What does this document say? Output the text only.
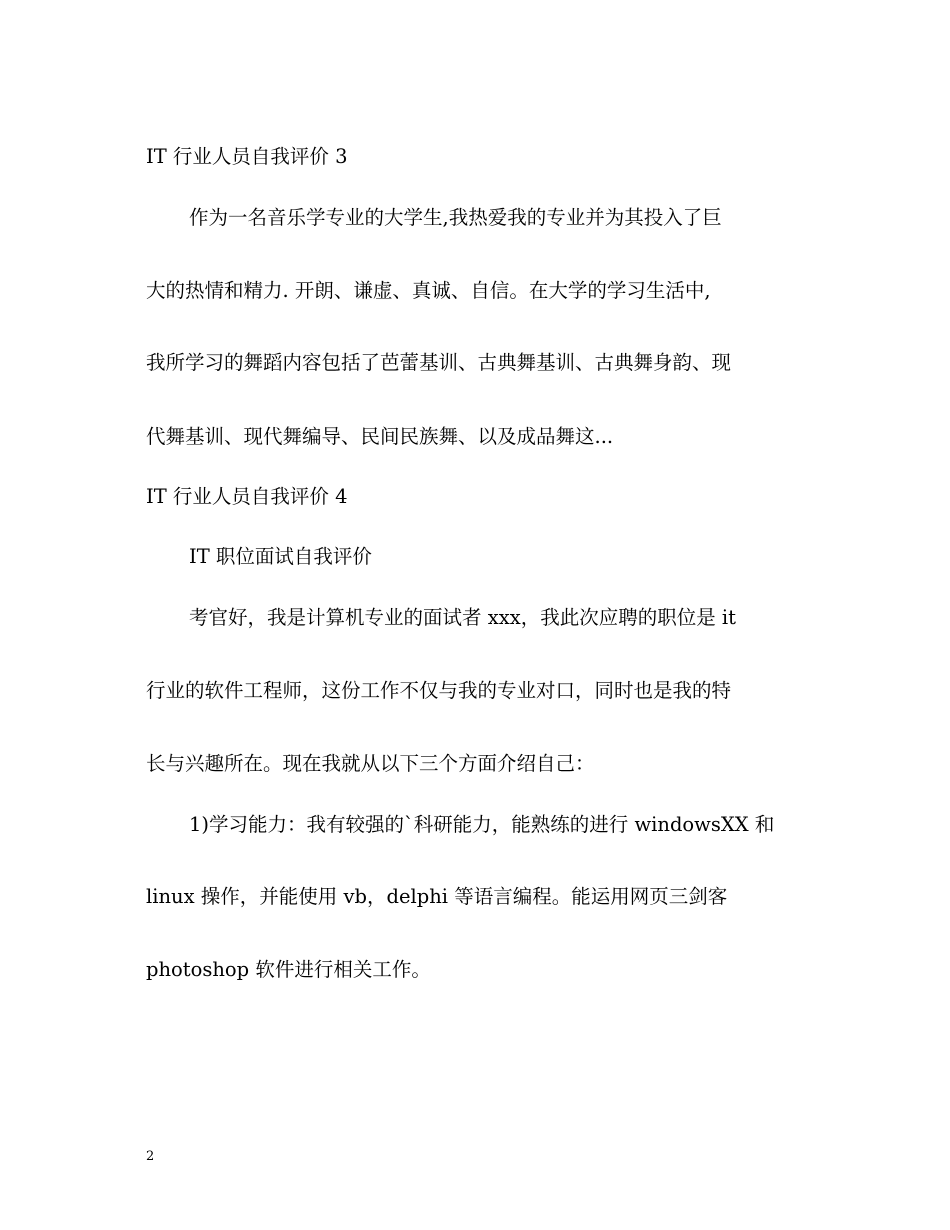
IT 行业人员自我评价 3
作为一名音乐学专业的大学生,我热爱我的专业并为其投入了巨
大的热情和精力. 开朗、谦虚、真诚、自信。在大学的学习生活中,
我所学习的舞蹈内容包括了芭蕾基训、古典舞基训、古典舞身韵、现
代舞基训、现代舞编导、民间民族舞、以及成品舞这...
IT 行业人员自我评价 4
IT 职位面试自我评价
考官好，我是计算机专业的面试者 xxx，我此次应聘的职位是 it
行业的软件工程师，这份工作不仅与我的专业对口，同时也是我的特
长与兴趣所在。现在我就从以下三个方面介绍自己：
1)学习能力：我有较强的`科研能力，能熟练的进行 windowsXX 和
linux 操作，并能使用 vb，delphi 等语言编程。能运用网页三剑客
photoshop 软件进行相关工作。
2
